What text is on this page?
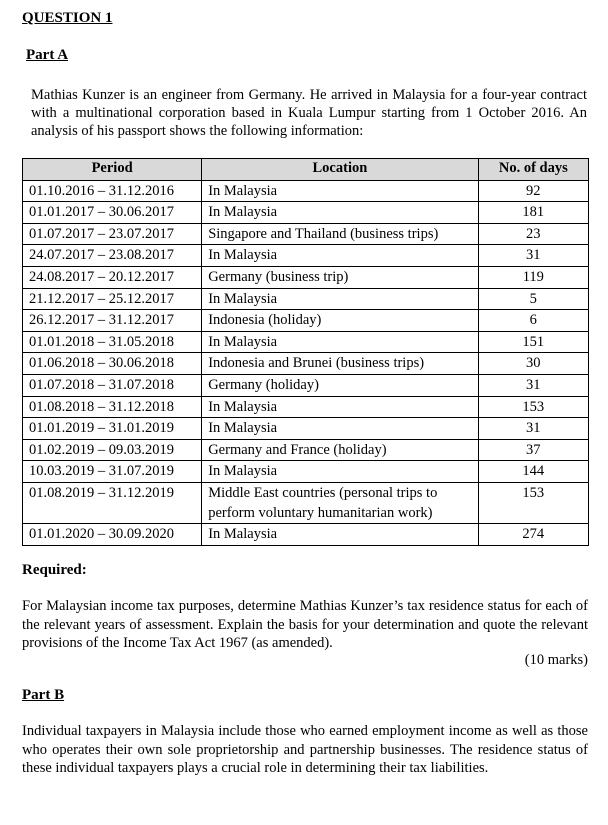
QUESTION 1
Part A
Mathias Kunzer is an engineer from Germany. He arrived in Malaysia for a four-year contract with a multinational corporation based in Kuala Lumpur starting from 1 October 2016. An analysis of his passport shows the following information:
Period	Location	No. of days
01.10.2016 – 31.12.2016	In Malaysia	92
01.01.2017 – 30.06.2017	In Malaysia	181
01.07.2017 – 23.07.2017	Singapore and Thailand (business trips)	23
24.07.2017 – 23.08.2017	In Malaysia	31
24.08.2017 – 20.12.2017	Germany (business trip)	119
21.12.2017 – 25.12.2017	In Malaysia	5
26.12.2017 – 31.12.2017	Indonesia (holiday)	6
01.01.2018 – 31.05.2018	In Malaysia	151
01.06.2018 – 30.06.2018	Indonesia and Brunei (business trips)	30
01.07.2018 – 31.07.2018	Germany (holiday)	31
01.08.2018 – 31.12.2018	In Malaysia	153
01.01.2019 – 31.01.2019	In Malaysia	31
01.02.2019 – 09.03.2019	Germany and France (holiday)	37
10.03.2019 – 31.07.2019	In Malaysia	144
01.08.2019 – 31.12.2019	Middle East countries (personal trips to perform voluntary humanitarian work)	153
01.01.2020 – 30.09.2020	In Malaysia	274
Required:
For Malaysian income tax purposes, determine Mathias Kunzer’s tax residence status for each of the relevant years of assessment. Explain the basis for your determination and quote the relevant provisions of the Income Tax Act 1967 (as amended).
(10 marks)
Part B
Individual taxpayers in Malaysia include those who earned employment income as well as those who operates their own sole proprietorship and partnership businesses. The residence status of these individual taxpayers plays a crucial role in determining their tax liabilities.
